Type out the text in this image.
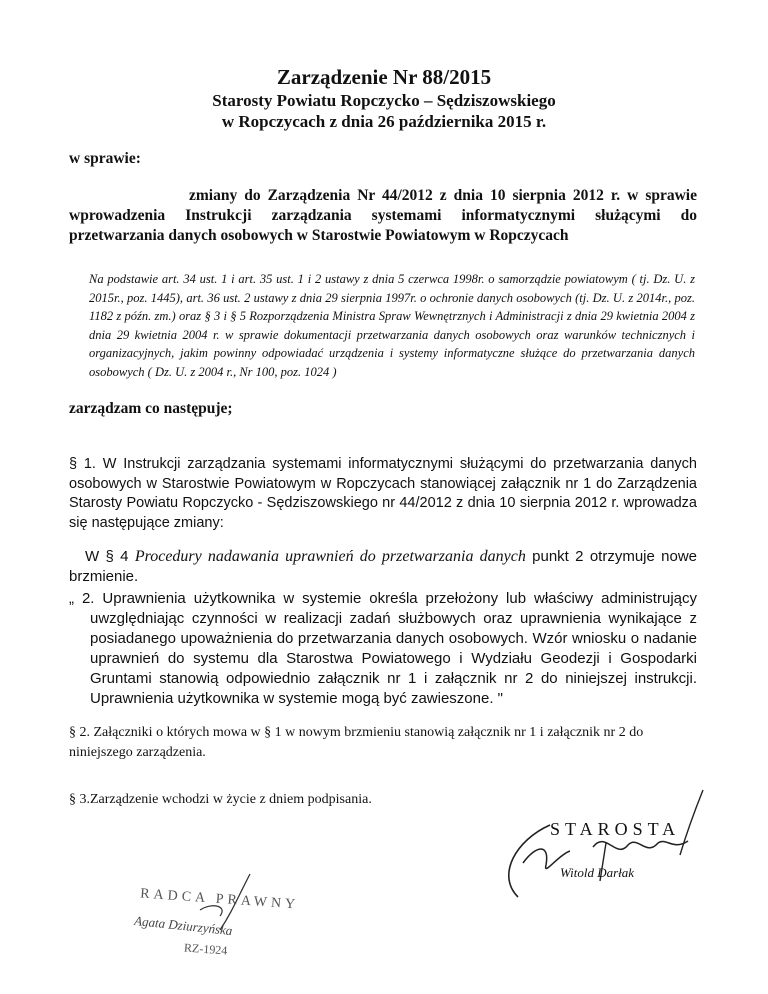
Zarządzenie Nr 88/2015
Starosty Powiatu Ropczycko – Sędziszowskiego
w Ropczycach z dnia 26 października 2015 r.
w sprawie:
zmiany do Zarządzenia Nr 44/2012 z dnia 10 sierpnia 2012 r. w sprawie wprowadzenia Instrukcji zarządzania systemami informatycznymi służącymi do przetwarzania danych osobowych w Starostwie Powiatowym w Ropczycach
Na podstawie art. 34 ust. 1 i art. 35 ust. 1 i 2 ustawy z dnia 5 czerwca 1998r. o samorządzie powiatowym ( tj. Dz. U. z 2015r., poz. 1445), art. 36 ust. 2 ustawy z dnia 29 sierpnia 1997r. o ochronie danych osobowych (tj. Dz. U. z 2014r., poz. 1182 z późn. zm.) oraz § 3 i § 5 Rozporządzenia Ministra Spraw Wewnętrznych i Administracji z dnia 29 kwietnia 2004 z dnia 29 kwietnia 2004 r. w sprawie dokumentacji przetwarzania danych osobowych oraz warunków technicznych i organizacyjnych, jakim powinny odpowiadać urządzenia i systemy informatyczne służące do przetwarzania danych osobowych ( Dz. U. z 2004 r., Nr 100, poz. 1024 )
zarządzam co następuje;
§ 1. W Instrukcji zarządzania systemami informatycznymi służącymi do przetwarzania danych osobowych w Starostwie Powiatowym w Ropczycach stanowiącej załącznik nr 1 do Zarządzenia Starosty Powiatu Ropczycko - Sędziszowskiego nr 44/2012 z dnia 10 sierpnia 2012 r. wprowadza się następujące zmiany:
W § 4 Procedury nadawania uprawnień do przetwarzania danych punkt 2 otrzymuje nowe brzmienie.
„ 2. Uprawnienia użytkownika w systemie określa przełożony lub właściwy administrujący uwzględniając czynności w realizacji zadań służbowych oraz uprawnienia wynikające z posiadanego upoważnienia do przetwarzania danych osobowych. Wzór wniosku o nadanie uprawnień do systemu dla Starostwa Powiatowego i Wydziału Geodezji i Gospodarki Gruntami stanowią odpowiednio załącznik nr 1 i załącznik nr 2 do niniejszej instrukcji. Uprawnienia użytkownika w systemie mogą być zawieszone. "
§ 2. Załączniki o których mowa w § 1 w nowym brzmieniu stanowią załącznik nr 1 i załącznik nr 2 do niniejszego zarządzenia.
§ 3.Zarządzenie wchodzi w życie z dniem podpisania.
STAROSTA
Witold Darłak
RADCA PRAWNY
Agata Dziurzyńska
RZ-1924
